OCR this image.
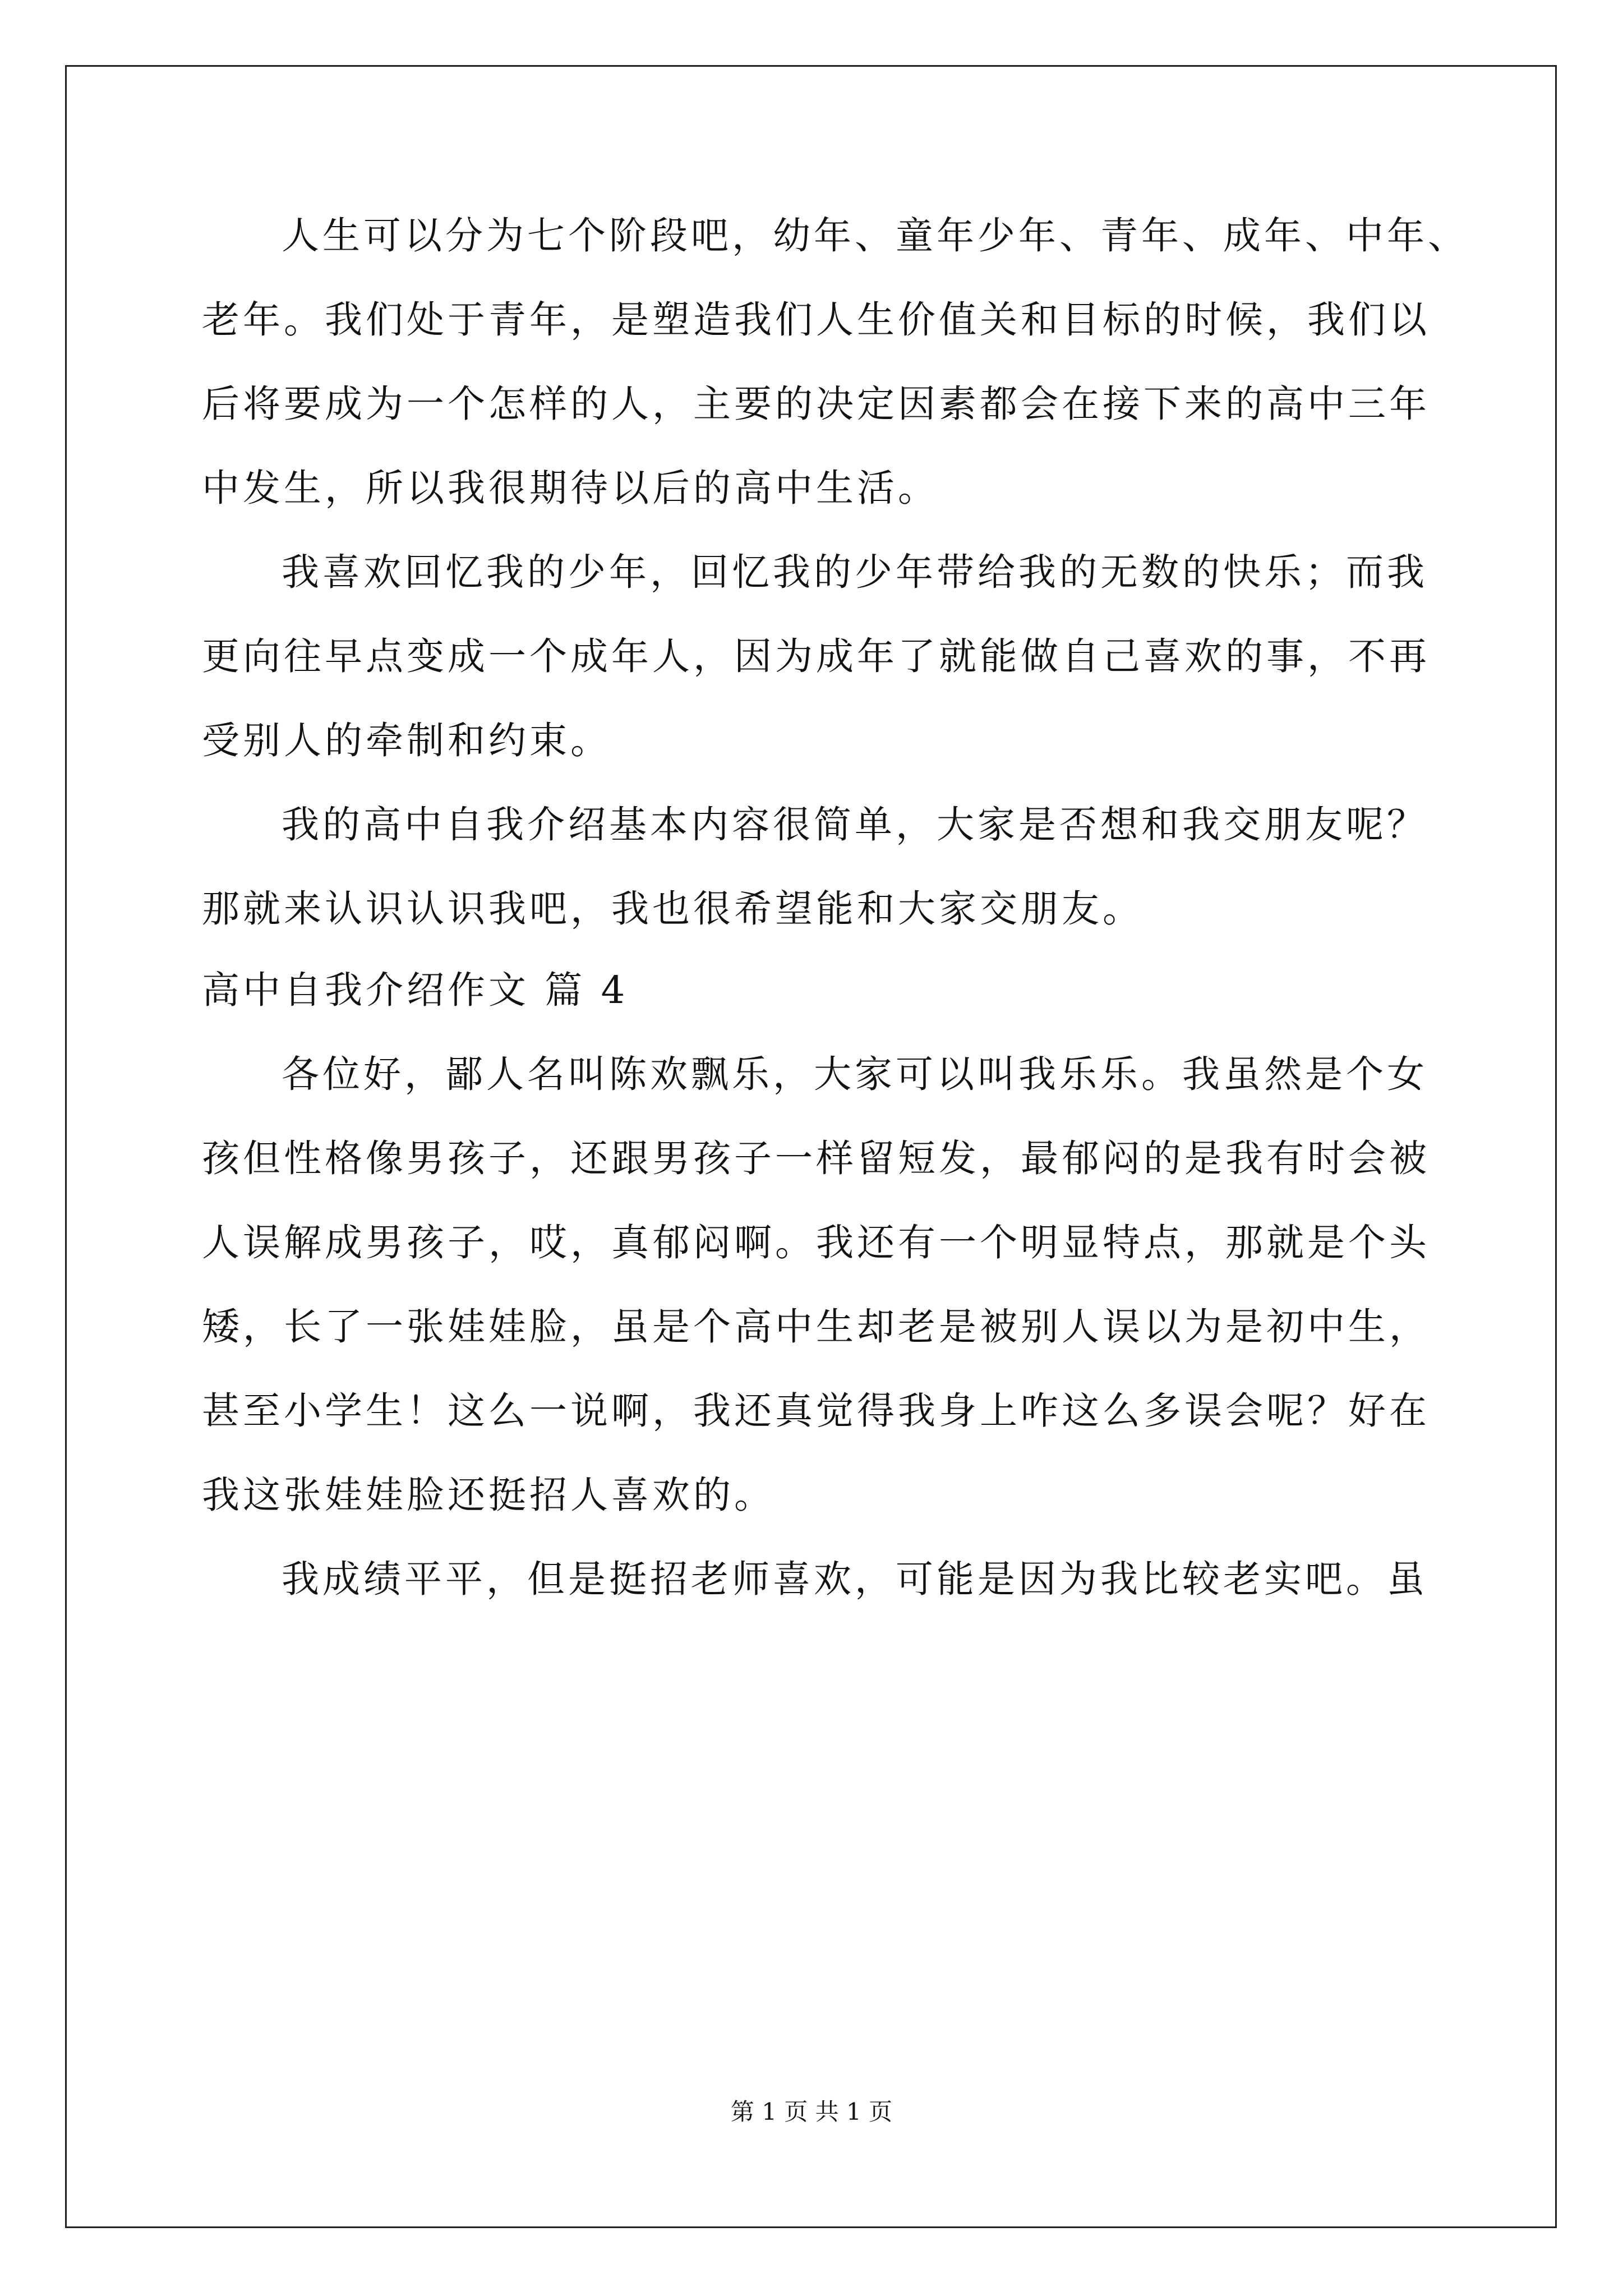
人生可以分为七个阶段吧，幼年、童年少年、青年、成年、中年、
老年。我们处于青年，是塑造我们人生价值关和目标的时候，我们以
后将要成为一个怎样的人，主要的决定因素都会在接下来的高中三年
中发生，所以我很期待以后的高中生活。
我喜欢回忆我的少年，回忆我的少年带给我的无数的快乐；而我
更向往早点变成一个成年人，因为成年了就能做自己喜欢的事，不再
受别人的牵制和约束。
我的高中自我介绍基本内容很简单，大家是否想和我交朋友呢？
那就来认识认识我吧，我也很希望能和大家交朋友。
高中自我介绍作文 篇 4
各位好，鄙人名叫陈欢飘乐，大家可以叫我乐乐。我虽然是个女
孩但性格像男孩子，还跟男孩子一样留短发，最郁闷的是我有时会被
人误解成男孩子，哎，真郁闷啊。我还有一个明显特点，那就是个头
矮，长了一张娃娃脸，虽是个高中生却老是被别人误以为是初中生，
甚至小学生！这么一说啊，我还真觉得我身上咋这么多误会呢？好在
我这张娃娃脸还挺招人喜欢的。
我成绩平平，但是挺招老师喜欢，可能是因为我比较老实吧。虽
第 1 页 共 1 页
